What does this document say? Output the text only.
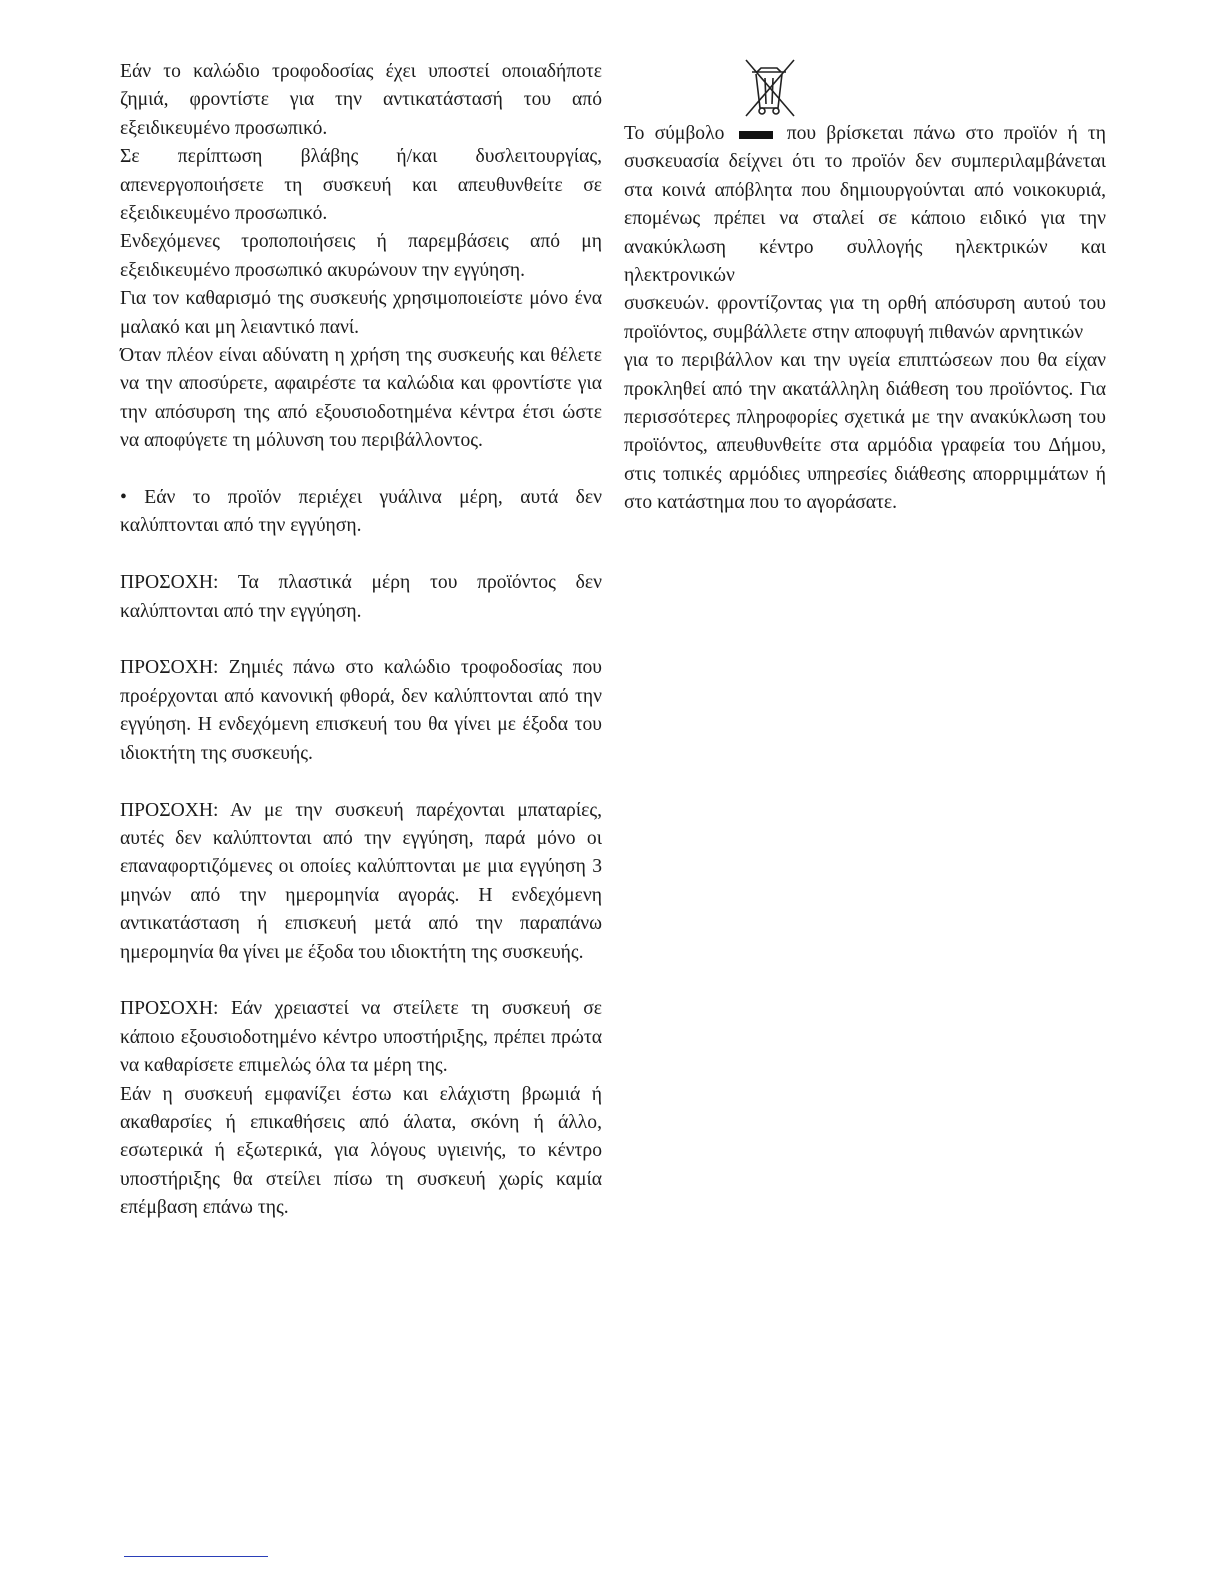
Εάν το καλώδιο τροφοδοσίας έχει υποστεί οποιαδήποτε ζημιά, φροντίστε για την αντικατάστασή του από εξειδικευμένο προσωπικό.

Σε περίπτωση βλάβης ή/και δυσλειτουργίας, απενεργοποιήσετε τη συσκευή και απευθυνθείτε σε εξειδικευμένο προσωπικό.

Ενδεχόμενες τροποποιήσεις ή παρεμβάσεις από μη εξειδικευμένο προσωπικό ακυρώνουν την εγγύηση.

Για τον καθαρισμό της συσκευής χρησιμοποιείστε μόνο ένα μαλακό και μη λειαντικό πανί.

Όταν πλέον είναι αδύνατη η χρήση της συσκευής και θέλετε να την αποσύρετε, αφαιρέστε τα καλώδια και φροντίστε για την απόσυρση της από εξουσιοδοτημένα κέντρα έτσι ώστε να αποφύγετε τη μόλυνση του περιβάλλοντος.

• Εάν το προϊόν περιέχει γυάλινα μέρη, αυτά δεν καλύπτονται από την εγγύηση.

ΠΡΟΣΟΧΗ: Τα πλαστικά μέρη του προϊόντος δεν καλύπτονται από την εγγύηση.

ΠΡΟΣΟΧΗ: Ζημιές πάνω στο καλώδιο τροφοδοσίας που προέρχονται από κανονική φθορά, δεν καλύπτονται από την εγγύηση. Η ενδεχόμενη επισκευή του θα γίνει με έξοδα του ιδιοκτήτη της συσκευής.

ΠΡΟΣΟΧΗ: Αν με την συσκευή παρέχονται μπαταρίες, αυτές δεν καλύπτονται από την εγγύηση, παρά μόνο οι επαναφορτιζόμενες οι οποίες καλύπτονται με μια εγγύηση 3 μηνών από την ημερομηνία αγοράς. Η ενδεχόμενη αντικατάσταση ή επισκευή μετά από την παραπάνω ημερομηνία θα γίνει με έξοδα του ιδιοκτήτη της συσκευής.

ΠΡΟΣΟΧΗ: Εάν χρειαστεί να στείλετε τη συσκευή σε κάποιο εξουσιοδοτημένο κέντρο υποστήριξης, πρέπει πρώτα να καθαρίσετε επιμελώς όλα τα μέρη της.

Εάν η συσκευή εμφανίζει έστω και ελάχιστη βρωμιά ή ακαθαρσίες ή επικαθήσεις από άλατα, σκόνη ή άλλο, εσωτερικά ή εξωτερικά, για λόγους υγιεινής, το κέντρο υποστήριξης θα στείλει πίσω τη συσκευή χωρίς καμία επέμβαση επάνω της.

Το σύμβολο	που βρίσκεται πάνω στο προϊόν ή τη συσκευασία δείχνει ότι το προϊόν δεν συμπεριλαμβάνεται στα κοινά απόβλητα που δημιουργούνται από νοικοκυριά, επομένως πρέπει να σταλεί σε κάποιο ειδικό για την ανακύκλωση κέντρο συλλογής ηλεκτρικών και ηλεκτρονικών

συσκευών. φροντίζοντας για τη ορθή απόσυρση αυτού του προϊόντος, συμβάλλετε στην αποφυγή πιθανών αρνητικών

για το περιβάλλον και την υγεία επιπτώσεων που θα είχαν προκληθεί από την ακατάλληλη διάθεση του προϊόντος. Για περισσότερες πληροφορίες σχετικά με την ανακύκλωση του προϊόντος, απευθυνθείτε στα αρμόδια γραφεία του Δήμου, στις τοπικές αρμόδιες υπηρεσίες διάθεσης απορριμμάτων ή στο κατάστημα που το αγοράσατε.
